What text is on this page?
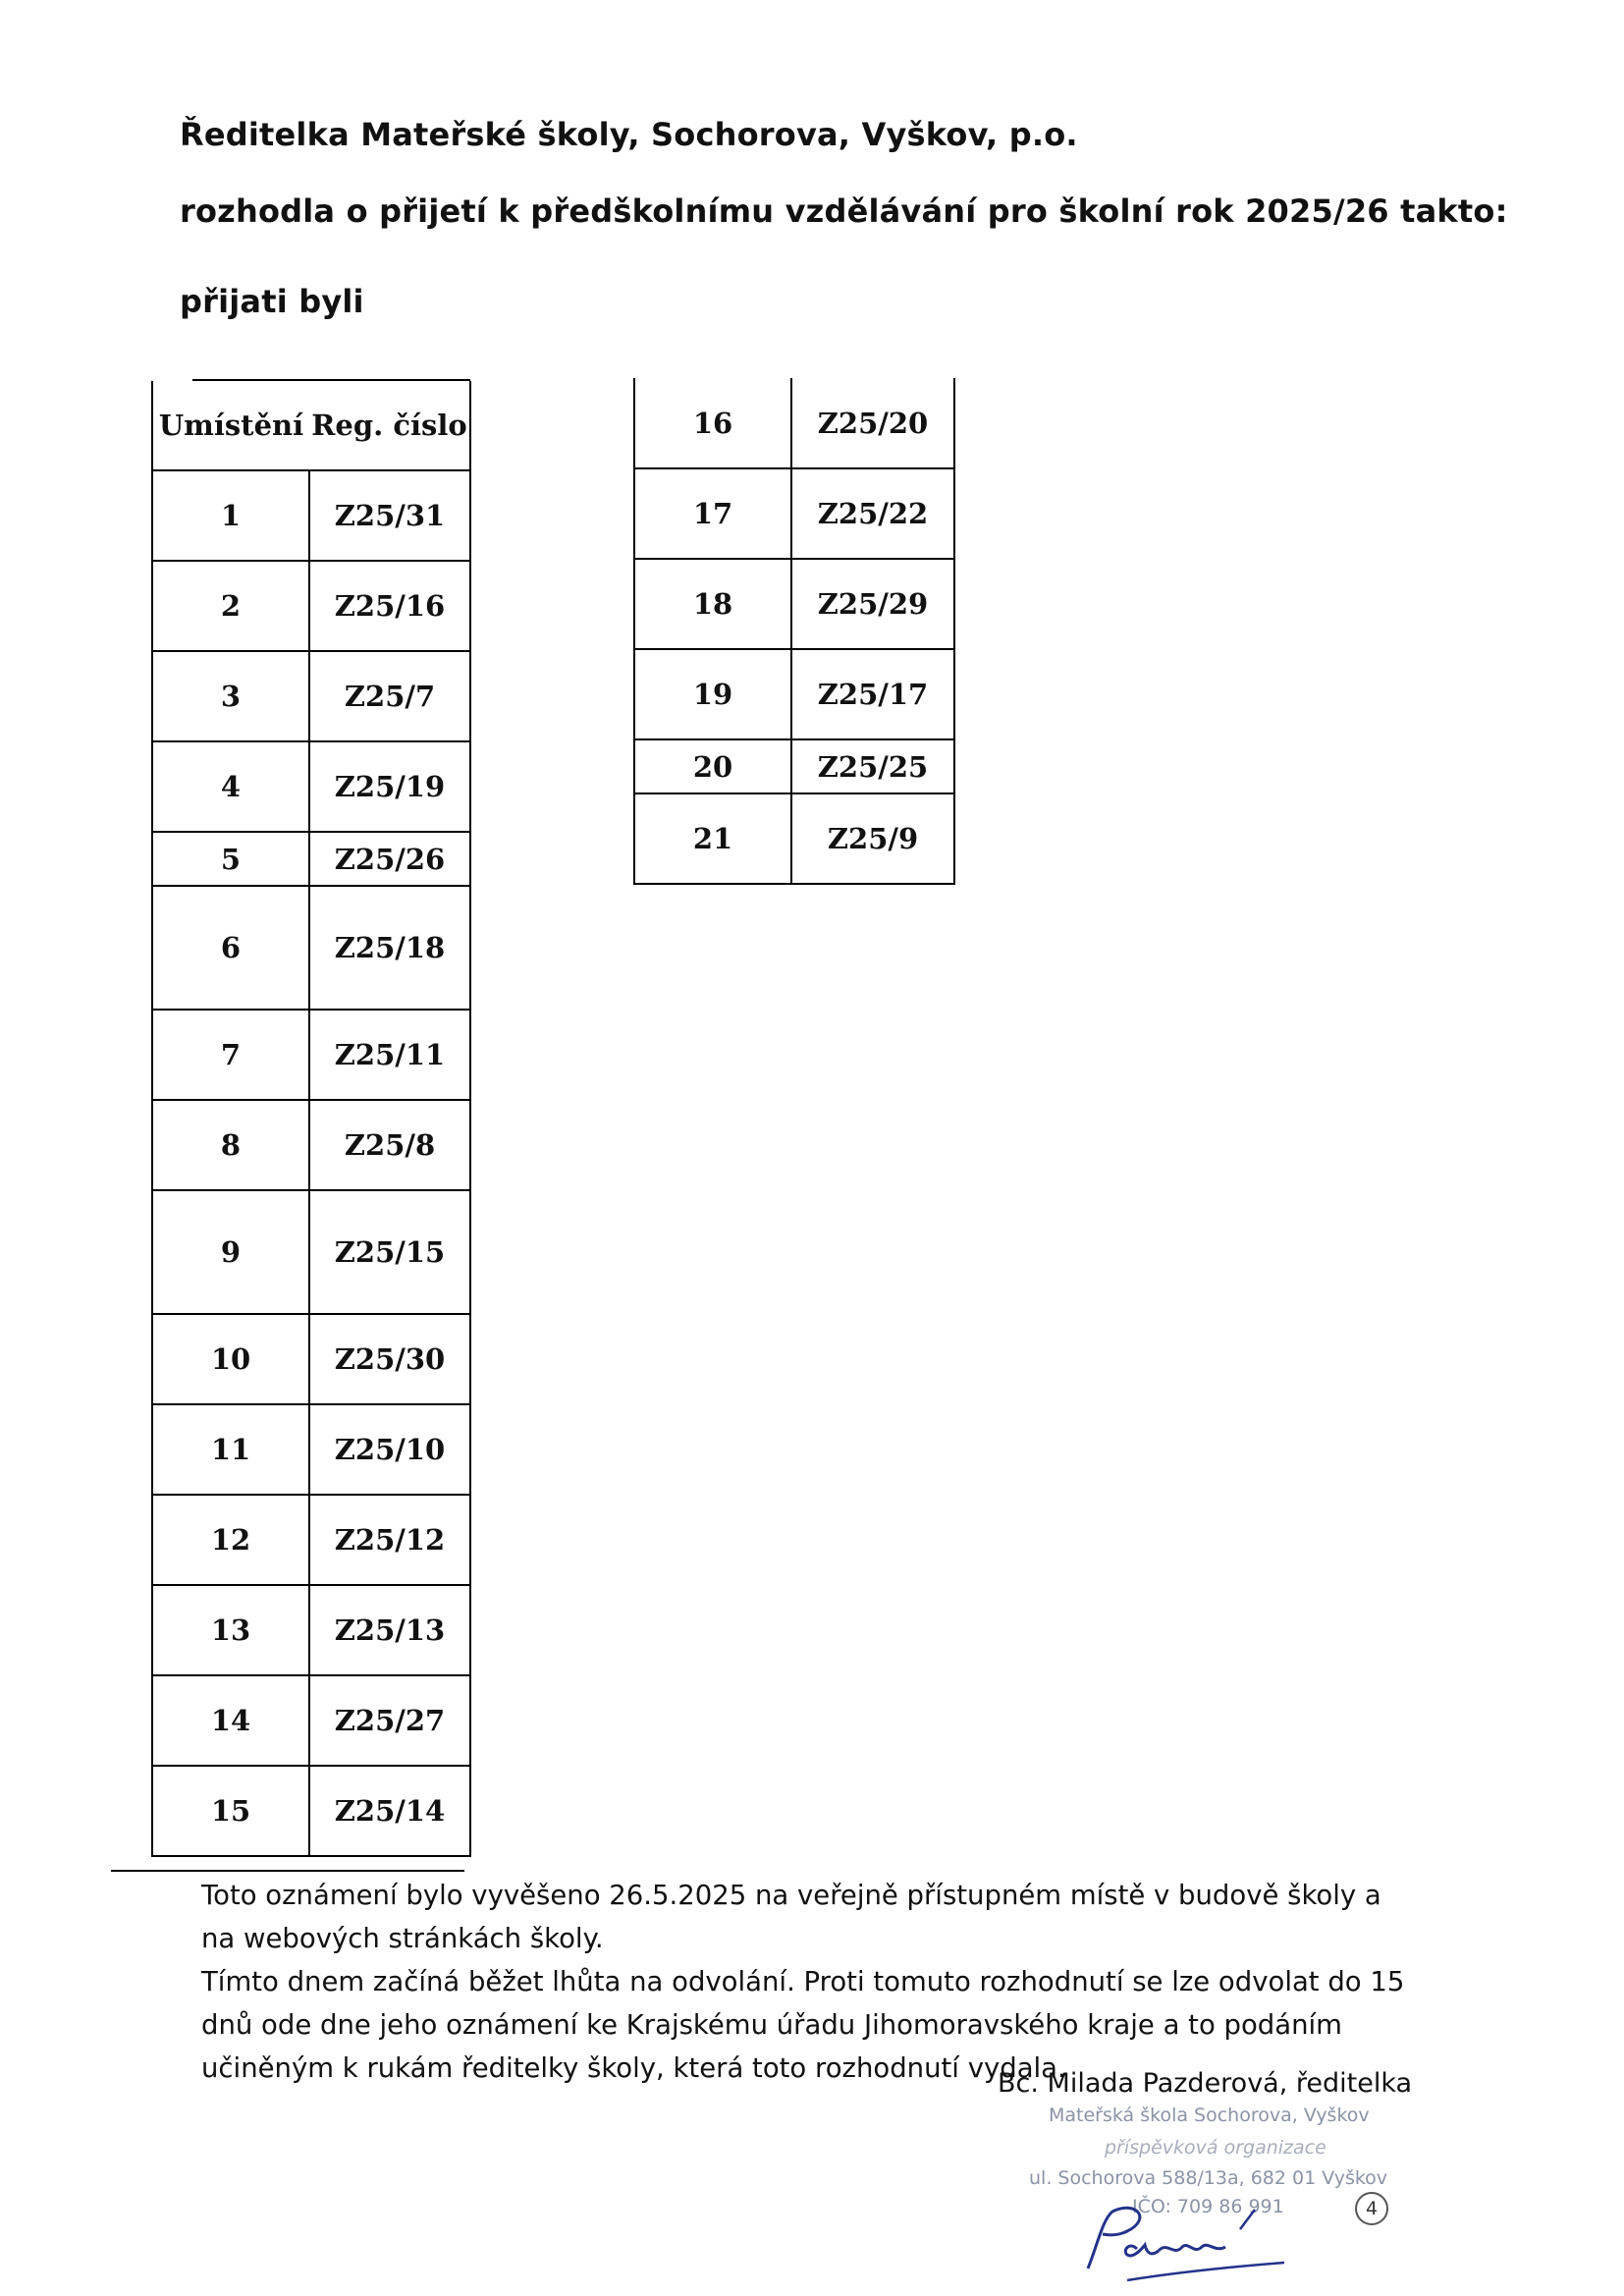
Ředitelka Mateřské školy, Sochorova, Vyškov, p.o.
rozhodla o přijetí k předškolnímu vzdělávání pro školní rok 2025/26 takto:
přijati byli
Umístění	Reg. číslo
1	Z25/31
2	Z25/16
3	Z25/7
4	Z25/19
5	Z25/26
6	Z25/18
7	Z25/11
8	Z25/8
9	Z25/15
10	Z25/30
11	Z25/10
12	Z25/12
13	Z25/13
14	Z25/27
15	Z25/14
16	Z25/20
17	Z25/22
18	Z25/29
19	Z25/17
20	Z25/25
21	Z25/9

Toto oznámení bylo vyvěšeno 26.5.2025 na veřejně přístupném místě v budově školy a na webových stránkách školy.

Tímto dnem začíná běžet lhůta na odvolání. Proti tomuto rozhodnutí se lze odvolat do 15 dnů ode dne jeho oznámení ke Krajskému úřadu Jihomoravského kraje a to podáním učiněným k rukám ředitelky školy, která toto rozhodnutí vydala.

Bc. Milada Pazderová, ředitelka
Mateřská škola Sochorova, Vyškov
příspěvková organizace
ul. Sochorova 588/13a, 682 01 Vyškov
IČO: 709 86 991	4
